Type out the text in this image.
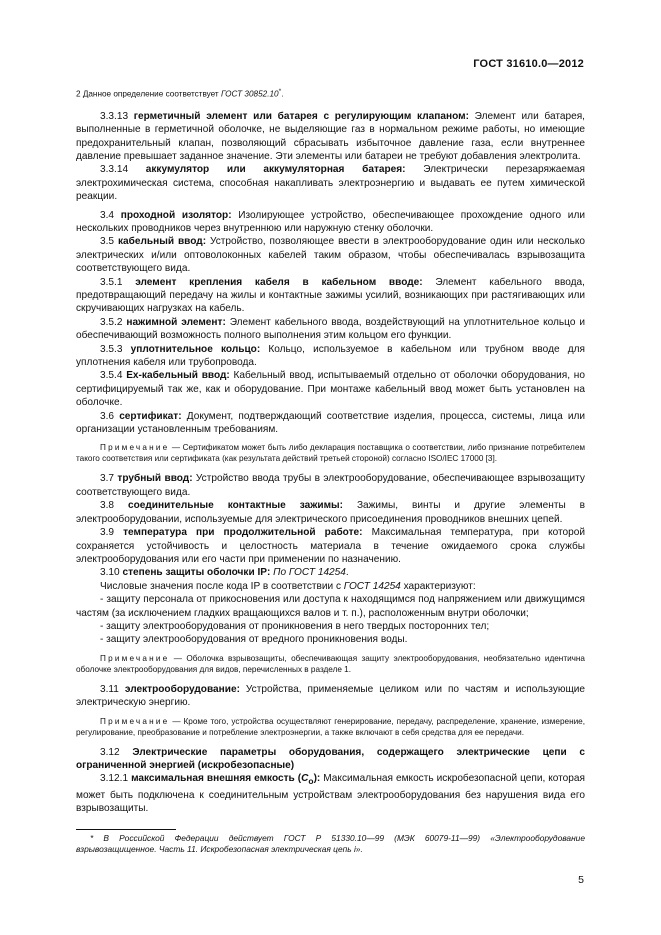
ГОСТ 31610.0—2012

2 Данное определение соответствует ГОСТ 30852.10*.

3.3.13 герметичный элемент или батарея с регулирующим клапаном: Элемент или батарея, выполненные в герметичной оболочке, не выделяющие газ в нормальном режиме работы, но имеющие предохранительный клапан, позволяющий сбрасывать избыточное давление газа, если внутреннее давление превышает заданное значение. Эти элементы или батареи не требуют добавления электролита.

3.3.14 аккумулятор или аккумуляторная батарея: Электрически перезаряжаемая электрохимическая система, способная накапливать электроэнергию и выдавать ее путем химической реакции.

3.4 проходной изолятор: Изолирующее устройство, обеспечивающее прохождение одного или нескольких проводников через внутреннюю или наружную стенку оболочки.

3.5 кабельный ввод: Устройство, позволяющее ввести в электрооборудование один или несколько электрических и/или оптоволоконных кабелей таким образом, чтобы обеспечивалась взрывозащита соответствующего вида.

3.5.1 элемент крепления кабеля в кабельном вводе: Элемент кабельного ввода, предотвращающий передачу на жилы и контактные зажимы усилий, возникающих при растягивающих или скручивающих нагрузках на кабель.

3.5.2 нажимной элемент: Элемент кабельного ввода, воздействующий на уплотнительное кольцо и обеспечивающий возможность полного выполнения этим кольцом его функции.

3.5.3 уплотнительное кольцо: Кольцо, используемое в кабельном или трубном вводе для уплотнения кабеля или трубопровода.

3.5.4 Ex-кабельный ввод: Кабельный ввод, испытываемый отдельно от оболочки оборудования, но сертифицируемый так же, как и оборудование. При монтаже кабельный ввод может быть установлен на оболочке.

3.6 сертификат: Документ, подтверждающий соответствие изделия, процесса, системы, лица или организации установленным требованиям.

Примечание — Сертификатом может быть либо декларация поставщика о соответствии, либо признание потребителем такого соответствия или сертификата (как результата действий третьей стороной) согласно ISO/IEC 17000 [3].

3.7 трубный ввод: Устройство ввода трубы в электрооборудование, обеспечивающее взрывозащиту соответствующего вида.

3.8 соединительные контактные зажимы: Зажимы, винты и другие элементы в электрооборудовании, используемые для электрического присоединения проводников внешних цепей.

3.9 температура при продолжительной работе: Максимальная температура, при которой сохраняется устойчивость и целостность материала в течение ожидаемого срока службы электрооборудования или его части при применении по назначению.

3.10 степень защиты оболочки IP: По ГОСТ 14254.

Числовые значения после кода IP в соответствии с ГОСТ 14254 характеризуют:

- защиту персонала от прикосновения или доступа к находящимся под напряжением или движущимся частям (за исключением гладких вращающихся валов и т. п.), расположенным внутри оболочки;

- защиту электрооборудования от проникновения в него твердых посторонних тел;

- защиту электрооборудования от вредного проникновения воды.

Примечание — Оболочка взрывозащиты, обеспечивающая защиту электрооборудования, необязательно идентична оболочке электрооборудования для видов, перечисленных в разделе 1.

3.11 электрооборудование: Устройства, применяемые целиком или по частям и использующие электрическую энергию.

Примечание — Кроме того, устройства осуществляют генерирование, передачу, распределение, хранение, измерение, регулирование, преобразование и потребление электроэнергии, а также включают в себя средства для ее передачи.

3.12 Электрические параметры оборудования, содержащего электрические цепи с ограниченной энергией (искробезопасные)

3.12.1 максимальная внешняя емкость $(C_o)$: Максимальная емкость искробезопасной цепи, которая может быть подключена к соединительным устройствам электрооборудования без нарушения вида его взрывозащиты.

* В Российской Федерации действует ГОСТ Р 51330.10—99 (МЭК 60079-11—99) «Электрооборудование взрывозащищенное. Часть 11. Искробезопасная электрическая цепь i».

5
